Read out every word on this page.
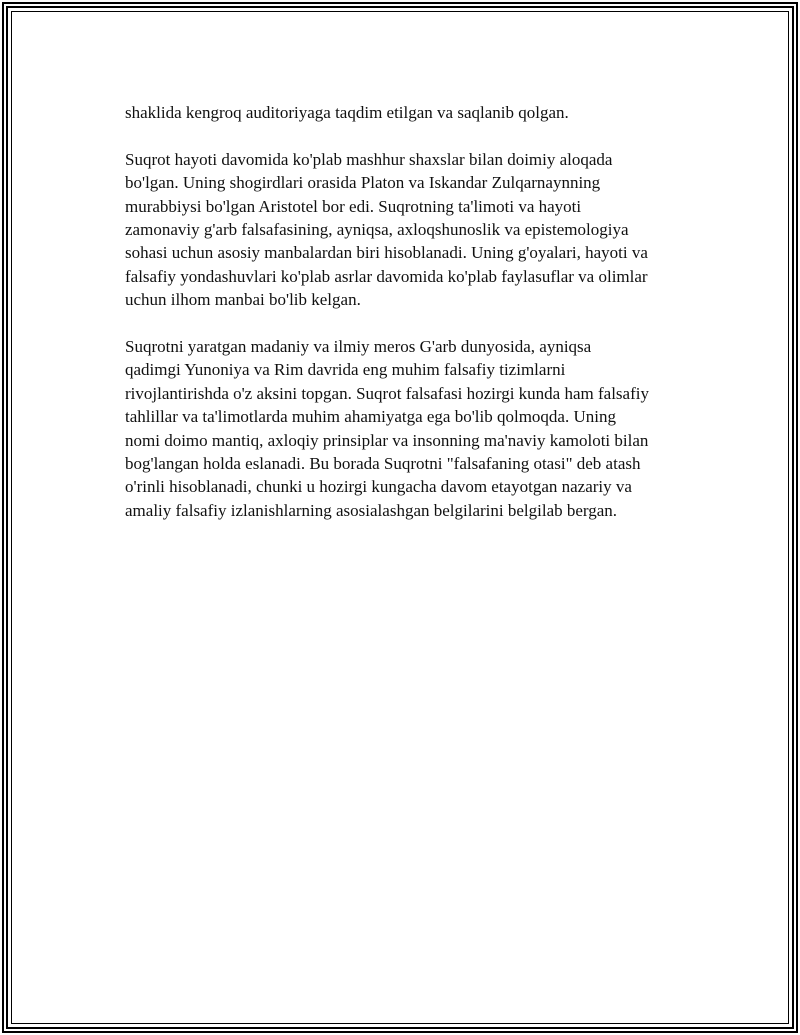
shaklida kengroq auditoriyaga taqdim etilgan va saqlanib qolgan.

Suqrot hayoti davomida ko'plab mashhur shaxslar bilan doimiy aloqada
bo'lgan. Uning shogirdlari orasida Platon va Iskandar Zulqarnaynning
murabbiysi bo'lgan Aristotel bor edi. Suqrotning ta'limoti va hayoti
zamonaviy g'arb falsafasining, ayniqsa, axloqshunoslik va epistemologiya
sohasi uchun asosiy manbalardan biri hisoblanadi. Uning g'oyalari, hayoti va
falsafiy yondashuvlari ko'plab asrlar davomida ko'plab faylasuflar va olimlar
uchun ilhom manbai bo'lib kelgan.

Suqrotni yaratgan madaniy va ilmiy meros G'arb dunyosida, ayniqsa
qadimgi Yunoniya va Rim davrida eng muhim falsafiy tizimlarni
rivojlantirishda o'z aksini topgan. Suqrot falsafasi hozirgi kunda ham falsafiy
tahlillar va ta'limotlarda muhim ahamiyatga ega bo'lib qolmoqda. Uning
nomi doimo mantiq, axloqiy prinsiplar va insonning ma'naviy kamoloti bilan
bog'langan holda eslanadi. Bu borada Suqrotni "falsafaning otasi" deb atash
o'rinli hisoblanadi, chunki u hozirgi kungacha davom etayotgan nazariy va
amaliy falsafiy izlanishlarning asosialashgan belgilarini belgilab bergan.
